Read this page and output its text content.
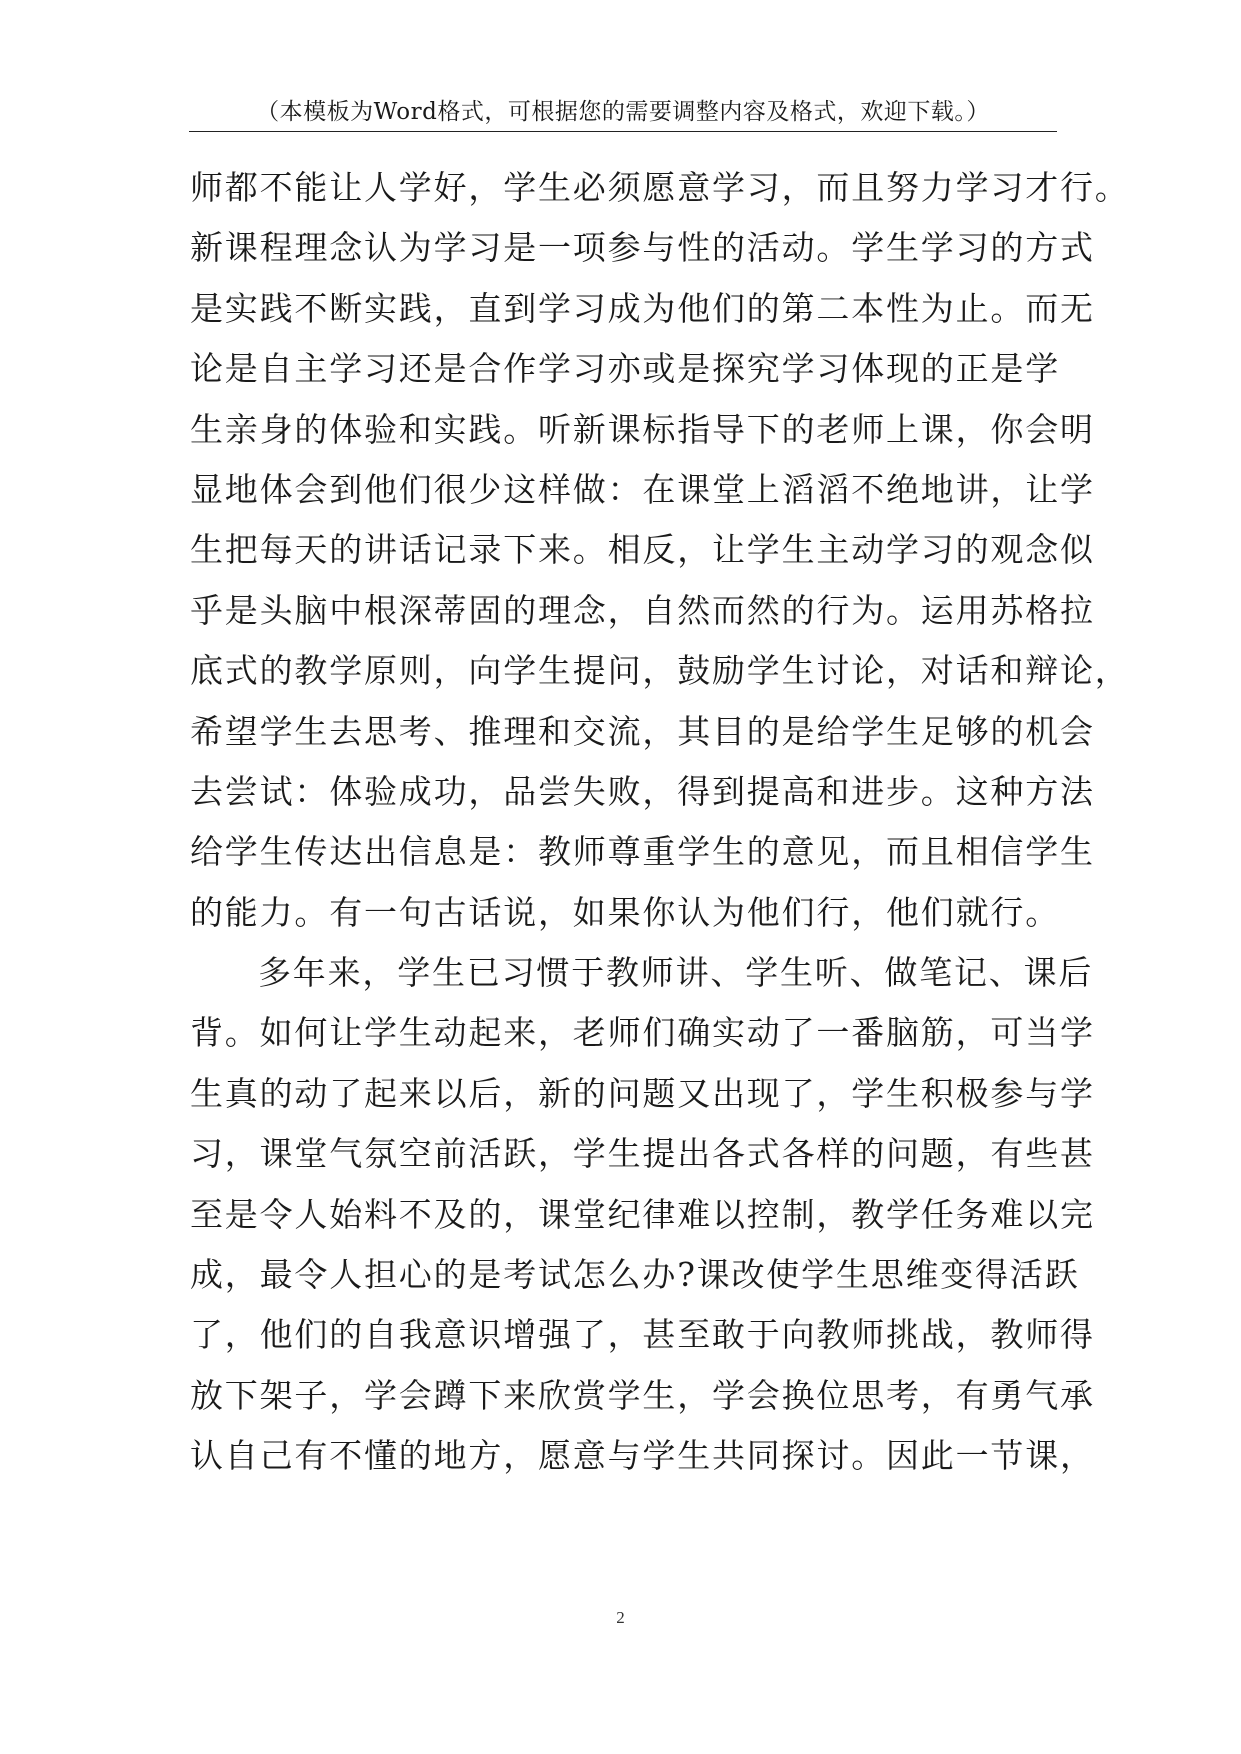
（本模板为Word格式，可根据您的需要调整内容及格式，欢迎下载。）
师都不能让人学好，学生必须愿意学习，而且努力学习才行。
新课程理念认为学习是一项参与性的活动。学生学习的方式
是实践不断实践，直到学习成为他们的第二本性为止。而无
论是自主学习还是合作学习亦或是探究学习体现的正是学
生亲身的体验和实践。听新课标指导下的老师上课，你会明
显地体会到他们很少这样做：在课堂上滔滔不绝地讲，让学
生把每天的讲话记录下来。相反，让学生主动学习的观念似
乎是头脑中根深蒂固的理念，自然而然的行为。运用苏格拉
底式的教学原则，向学生提问，鼓励学生讨论，对话和辩论，
希望学生去思考、推理和交流，其目的是给学生足够的机会
去尝试：体验成功，品尝失败，得到提高和进步。这种方法
给学生传达出信息是：教师尊重学生的意见，而且相信学生
的能力。有一句古话说，如果你认为他们行，他们就行。
多年来，学生已习惯于教师讲、学生听、做笔记、课后
背。如何让学生动起来，老师们确实动了一番脑筋，可当学
生真的动了起来以后，新的问题又出现了，学生积极参与学
习，课堂气氛空前活跃，学生提出各式各样的问题，有些甚
至是令人始料不及的，课堂纪律难以控制，教学任务难以完
成，最令人担心的是考试怎么办?课改使学生思维变得活跃
了，他们的自我意识增强了，甚至敢于向教师挑战，教师得
放下架子，学会蹲下来欣赏学生，学会换位思考，有勇气承
认自己有不懂的地方，愿意与学生共同探讨。因此一节课，
2
